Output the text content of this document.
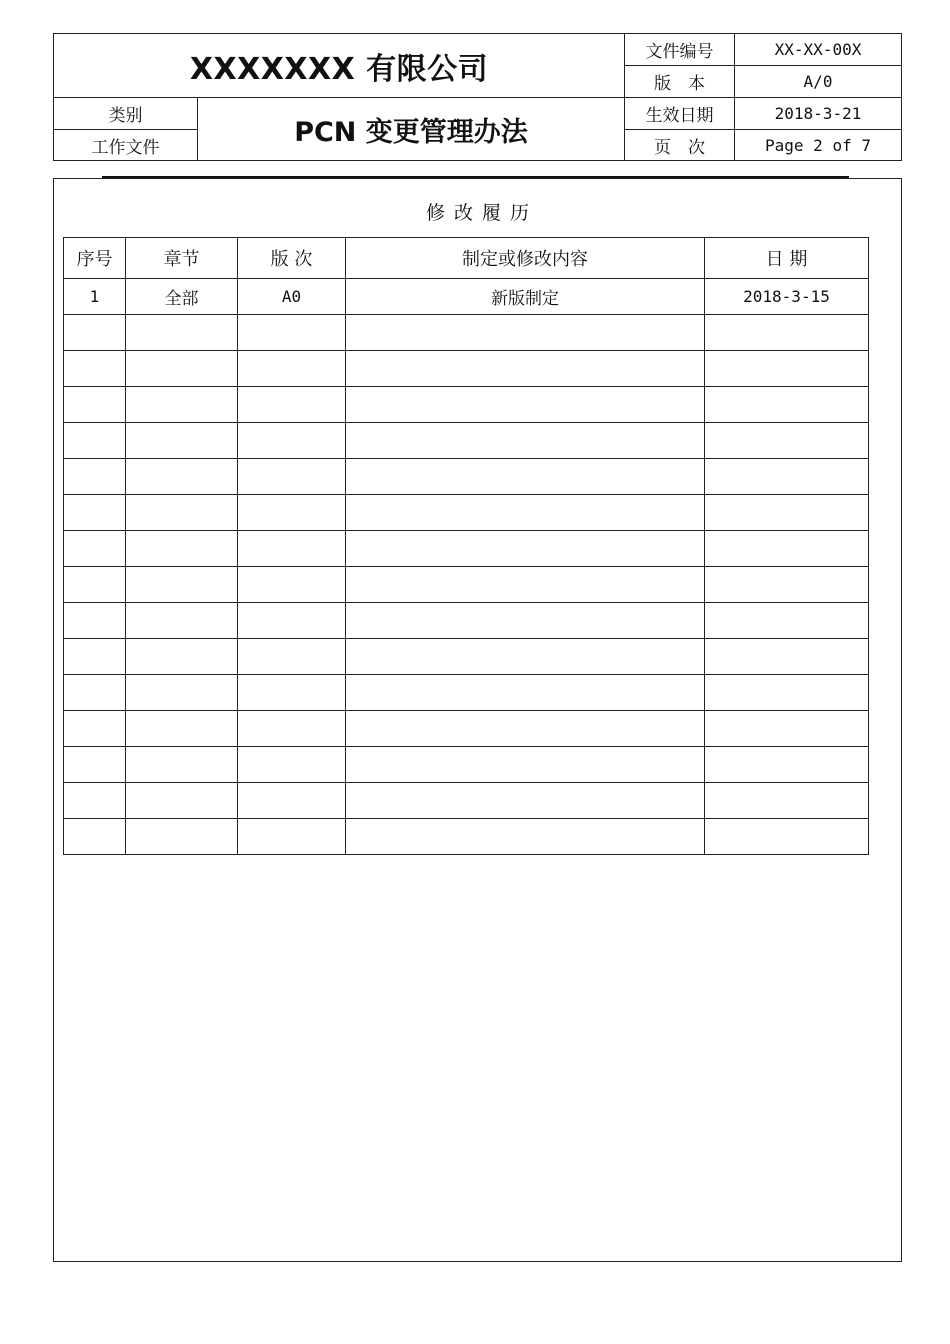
XXXXXXX 有限公司
类别
工作文件	PCN 变更管理办法
文件编号	XX-XX-00X
版　本	A/0
生效日期	2018-3-21
页　次	Page 2 of 7
修改履历
序号	章节	版 次	制定或修改内容	日 期
1	全部	A0	新版制定	2018-3-15
